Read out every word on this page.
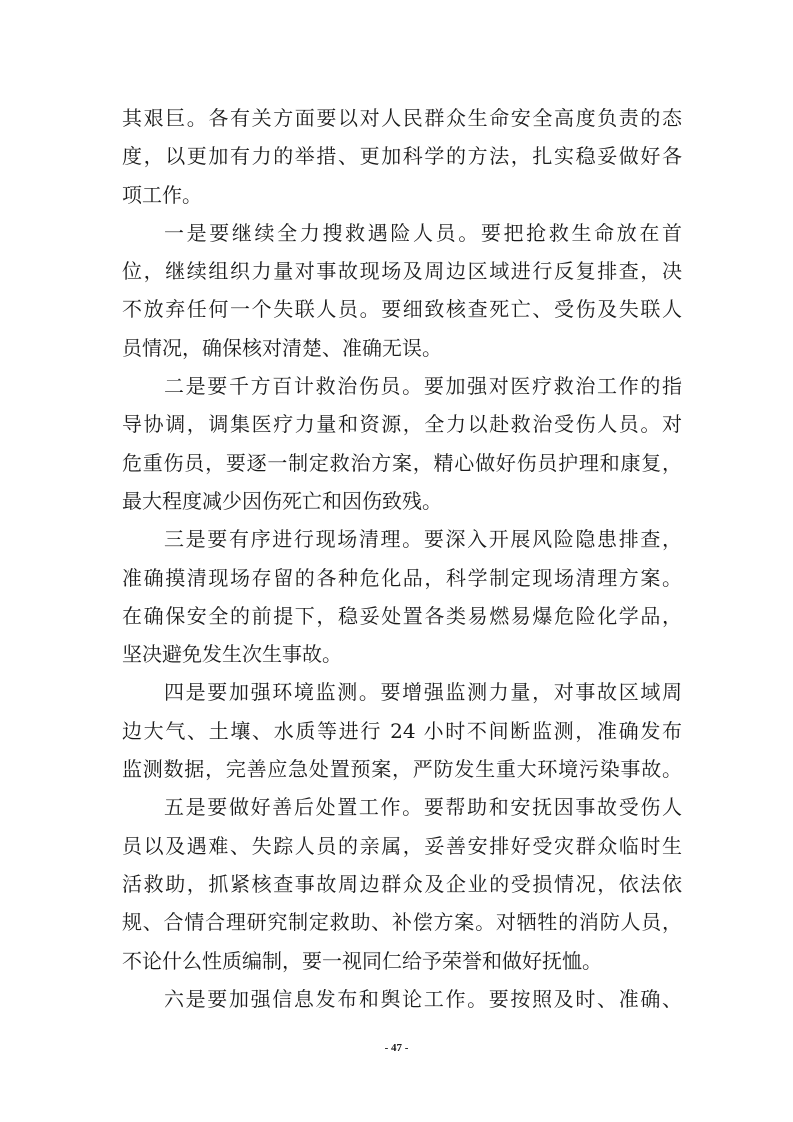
其艰巨。各有关方面要以对人民群众生命安全高度负责的态
度，以更加有力的举措、更加科学的方法，扎实稳妥做好各
项工作。
一是要继续全力搜救遇险人员。要把抢救生命放在首
位，继续组织力量对事故现场及周边区域进行反复排查，决
不放弃任何一个失联人员。要细致核查死亡、受伤及失联人
员情况，确保核对清楚、准确无误。
二是要千方百计救治伤员。要加强对医疗救治工作的指
导协调，调集医疗力量和资源，全力以赴救治受伤人员。对
危重伤员，要逐一制定救治方案，精心做好伤员护理和康复，
最大程度减少因伤死亡和因伤致残。
三是要有序进行现场清理。要深入开展风险隐患排查，
准确摸清现场存留的各种危化品，科学制定现场清理方案。
在确保安全的前提下，稳妥处置各类易燃易爆危险化学品，
坚决避免发生次生事故。
四是要加强环境监测。要增强监测力量，对事故区域周
边大气、土壤、水质等进行 24 小时不间断监测，准确发布
监测数据，完善应急处置预案，严防发生重大环境污染事故。
五是要做好善后处置工作。要帮助和安抚因事故受伤人
员以及遇难、失踪人员的亲属，妥善安排好受灾群众临时生
活救助，抓紧核查事故周边群众及企业的受损情况，依法依
规、合情合理研究制定救助、补偿方案。对牺牲的消防人员，
不论什么性质编制，要一视同仁给予荣誉和做好抚恤。
六是要加强信息发布和舆论工作。要按照及时、准确、
- 47 -
